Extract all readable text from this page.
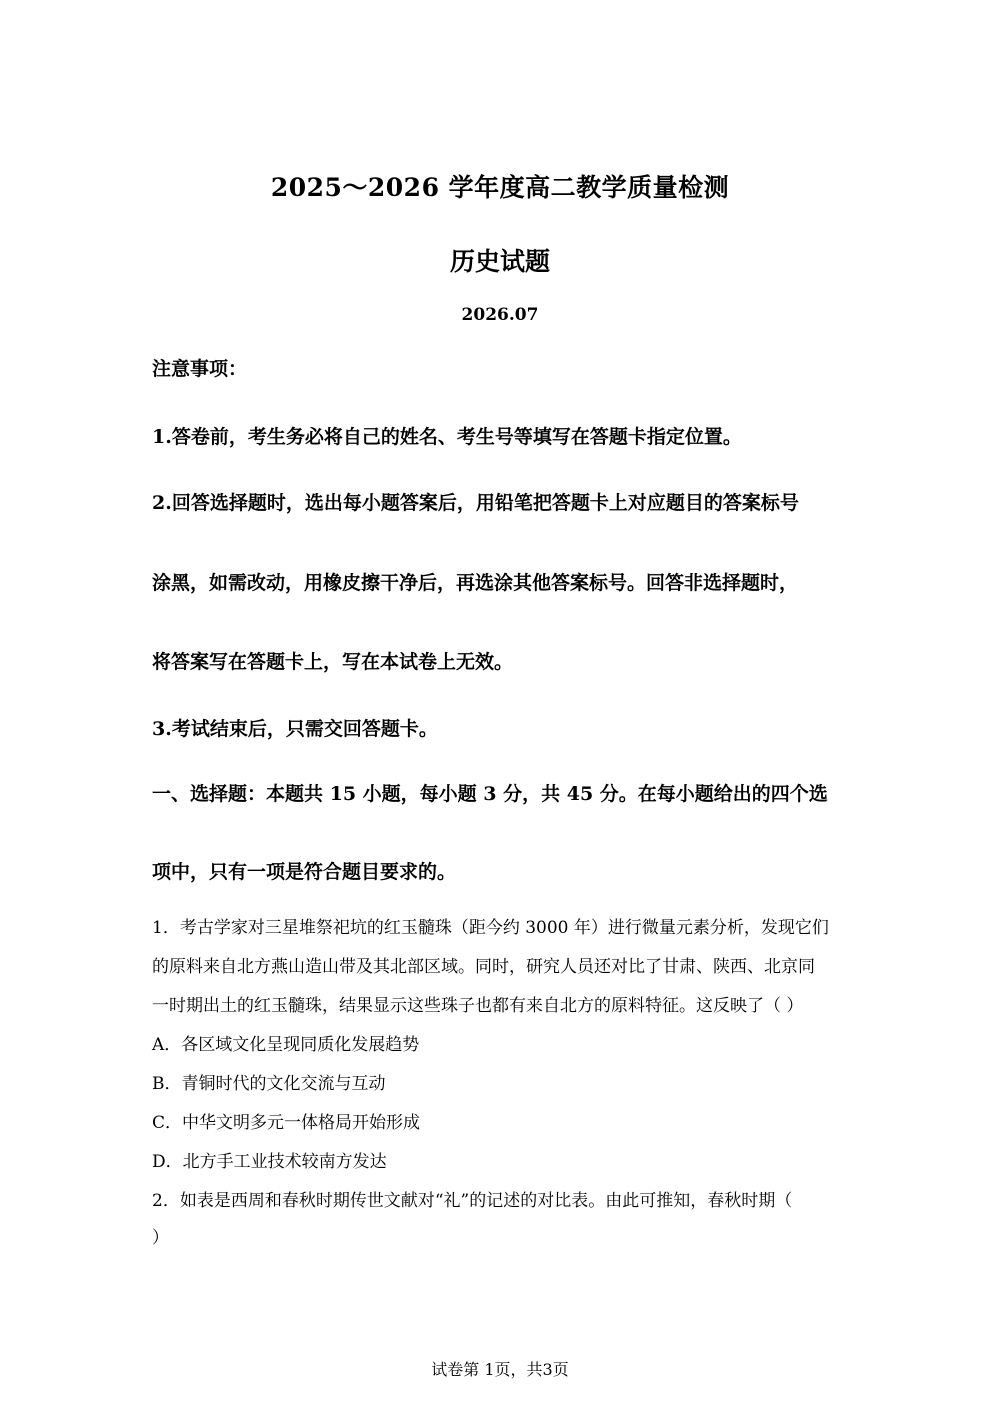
2025～2026 学年度高二教学质量检测
历史试题
2026.07
注意事项：
1.答卷前，考生务必将自己的姓名、考生号等填写在答题卡指定位置。
2.回答选择题时，选出每小题答案后，用铅笔把答题卡上对应题目的答案标号
涂黑，如需改动，用橡皮擦干净后，再选涂其他答案标号。回答非选择题时，
将答案写在答题卡上，写在本试卷上无效。
3.考试结束后，只需交回答题卡。
一、选择题：本题共 15 小题，每小题 3 分，共 45 分。在每小题给出的四个选
项中，只有一项是符合题目要求的。
1．考古学家对三星堆祭祀坑的红玉髓珠（距今约 3000 年）进行微量元素分析，发现它们
的原料来自北方燕山造山带及其北部区域。同时，研究人员还对比了甘肃、陕西、北京同
一时期出土的红玉髓珠，结果显示这些珠子也都有来自北方的原料特征。这反映了（ ）
A．各区域文化呈现同质化发展趋势
B．青铜时代的文化交流与互动
C．中华文明多元一体格局开始形成
D．北方手工业技术较南方发达
2．如表是西周和春秋时期传世文献对“礼”的记述的对比表。由此可推知，春秋时期（
）
试卷第 1页，共3页
